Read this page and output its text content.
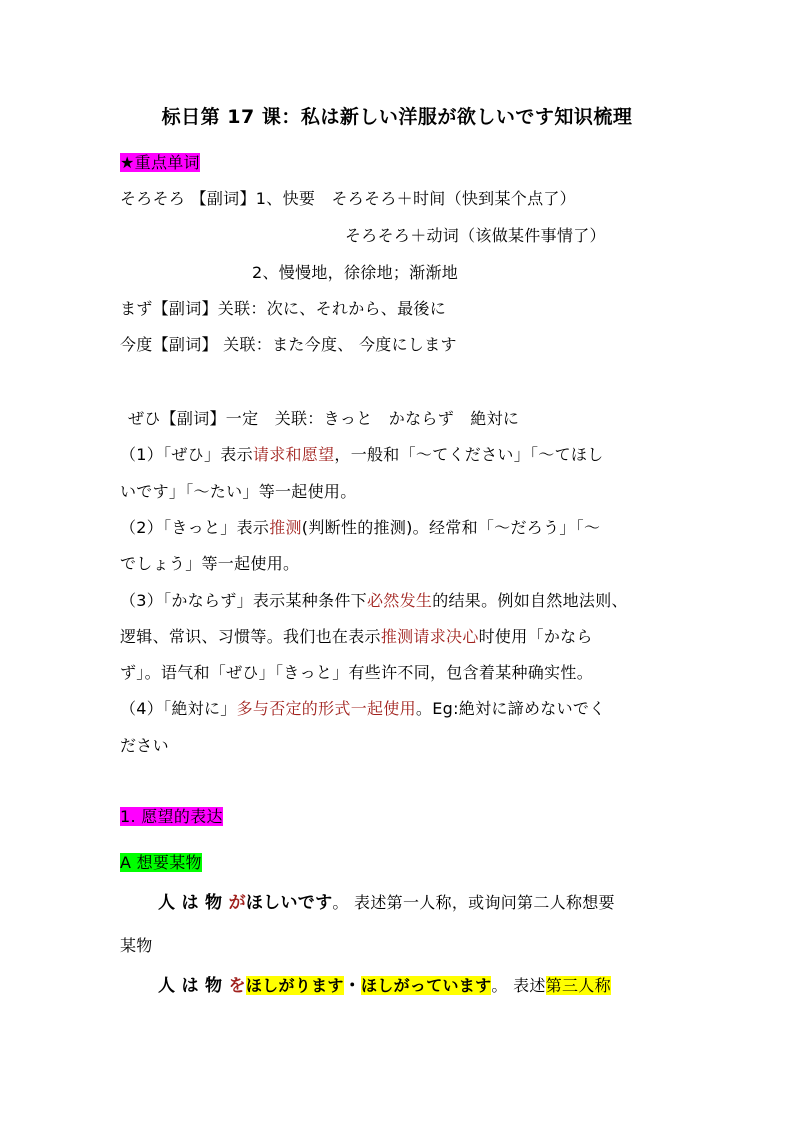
标日第 17 课：私は新しい洋服が欲しいです知识梳理
★重点单词
そろそろ 【副词】1、快要　そろそろ＋时间（快到某个点了）
そろそろ＋动词（该做某件事情了）
2、慢慢地，徐徐地；渐渐地
まず【副词】关联：次に、それから、最後に
今度【副词】 关联：また今度、 今度にします
ぜひ【副词】一定　关联：きっと　かならず　絶対に
（1）「ぜひ」表示请求和愿望，一般和「～てください」「～てほし
いです」「～たい」等一起使用。
（2）「きっと」表示推测(判断性的推测)。经常和「～だろう」「～
でしょう」等一起使用。
（3）「かならず」表示某种条件下必然发生的结果。例如自然地法则、
逻辑、常识、习惯等。我们也在表示推测请求决心时使用「かなら
ず」。语气和「ぜひ」「きっと」有些许不同，包含着某种确实性。
（4）「絶対に」多与否定的形式一起使用。Eg:絶対に諦めないでく
ださい
1. 愿望的表达
A 想要某物
人 は 物 がほしいです。 表述第一人称，或询问第二人称想要
某物
人 は 物 をほしがります・ほしがっています。 表述第三人称
